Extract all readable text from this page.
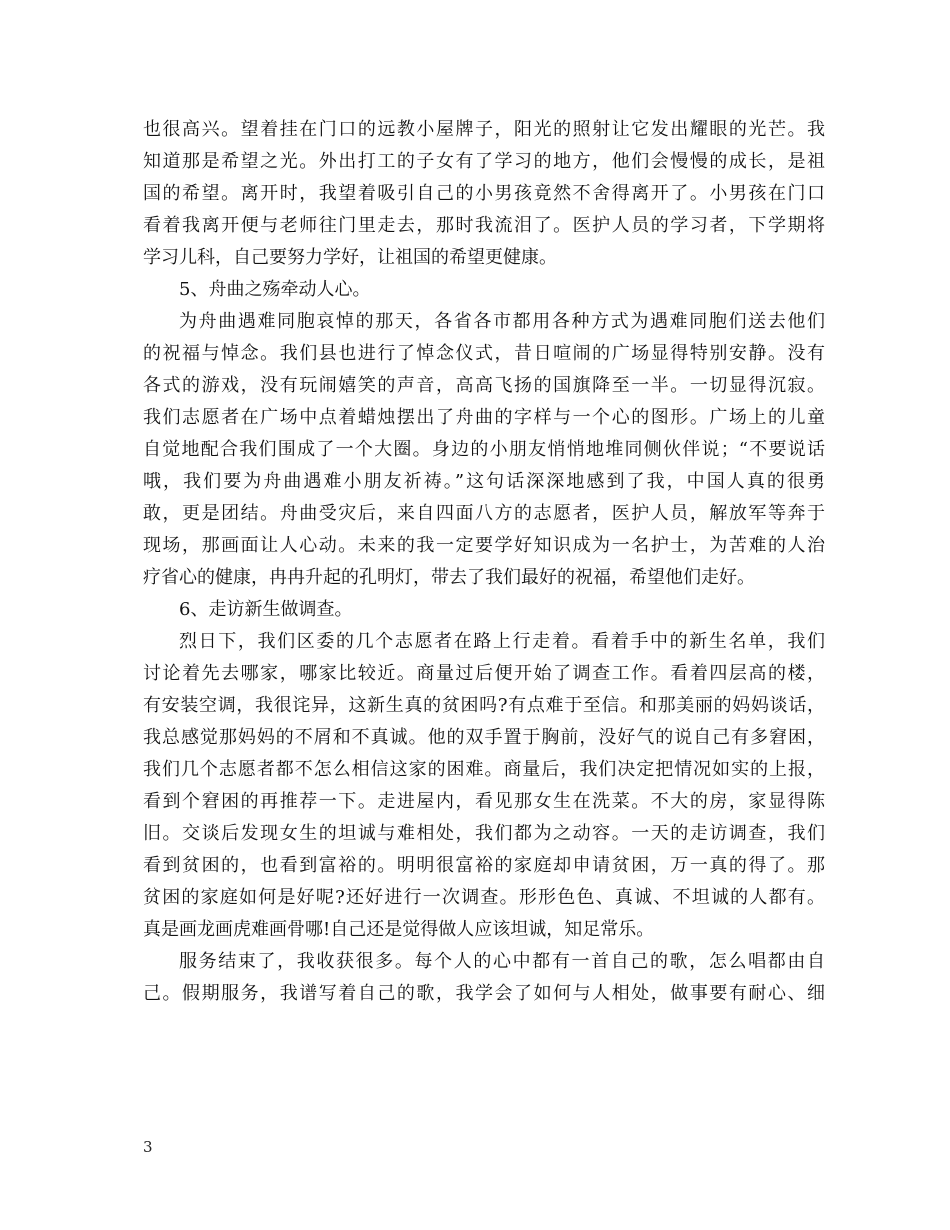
也很高兴。望着挂在门口的远教小屋牌子，阳光的照射让它发出耀眼的光芒。我
知道那是希望之光。外出打工的子女有了学习的地方，他们会慢慢的成长，是祖
国的希望。离开时，我望着吸引自己的小男孩竟然不舍得离开了。小男孩在门口
看着我离开便与老师往门里走去，那时我流泪了。医护人员的学习者，下学期将
学习儿科，自己要努力学好，让祖国的希望更健康。
5、舟曲之殇牵动人心。
为舟曲遇难同胞哀悼的那天，各省各市都用各种方式为遇难同胞们送去他们
的祝福与悼念。我们县也进行了悼念仪式，昔日喧闹的广场显得特别安静。没有
各式的游戏，没有玩闹嬉笑的声音，高高飞扬的国旗降至一半。一切显得沉寂。
我们志愿者在广场中点着蜡烛摆出了舟曲的字样与一个心的图形。广场上的儿童
自觉地配合我们围成了一个大圈。身边的小朋友悄悄地堆同侧伙伴说；“不要说话
哦，我们要为舟曲遇难小朋友祈祷。”这句话深深地感到了我，中国人真的很勇
敢，更是团结。舟曲受灾后，来自四面八方的志愿者，医护人员，解放军等奔于
现场，那画面让人心动。未来的我一定要学好知识成为一名护士，为苦难的人治
疗省心的健康，冉冉升起的孔明灯，带去了我们最好的祝福，希望他们走好。
6、走访新生做调查。
烈日下，我们区委的几个志愿者在路上行走着。看着手中的新生名单，我们
讨论着先去哪家，哪家比较近。商量过后便开始了调查工作。看着四层高的楼，
有安装空调，我很诧异，这新生真的贫困吗?有点难于至信。和那美丽的妈妈谈话，
我总感觉那妈妈的不屑和不真诚。他的双手置于胸前，没好气的说自己有多窘困，
我们几个志愿者都不怎么相信这家的困难。商量后，我们决定把情况如实的上报，
看到个窘困的再推荐一下。走进屋内，看见那女生在洗菜。不大的房，家显得陈
旧。交谈后发现女生的坦诚与难相处，我们都为之动容。一天的走访调查，我们
看到贫困的，也看到富裕的。明明很富裕的家庭却申请贫困，万一真的得了。那
贫困的家庭如何是好呢?还好进行一次调查。形形色色、真诚、不坦诚的人都有。
真是画龙画虎难画骨哪!自己还是觉得做人应该坦诚，知足常乐。
服务结束了，我收获很多。每个人的心中都有一首自己的歌，怎么唱都由自
己。假期服务，我谱写着自己的歌，我学会了如何与人相处，做事要有耐心、细
3
